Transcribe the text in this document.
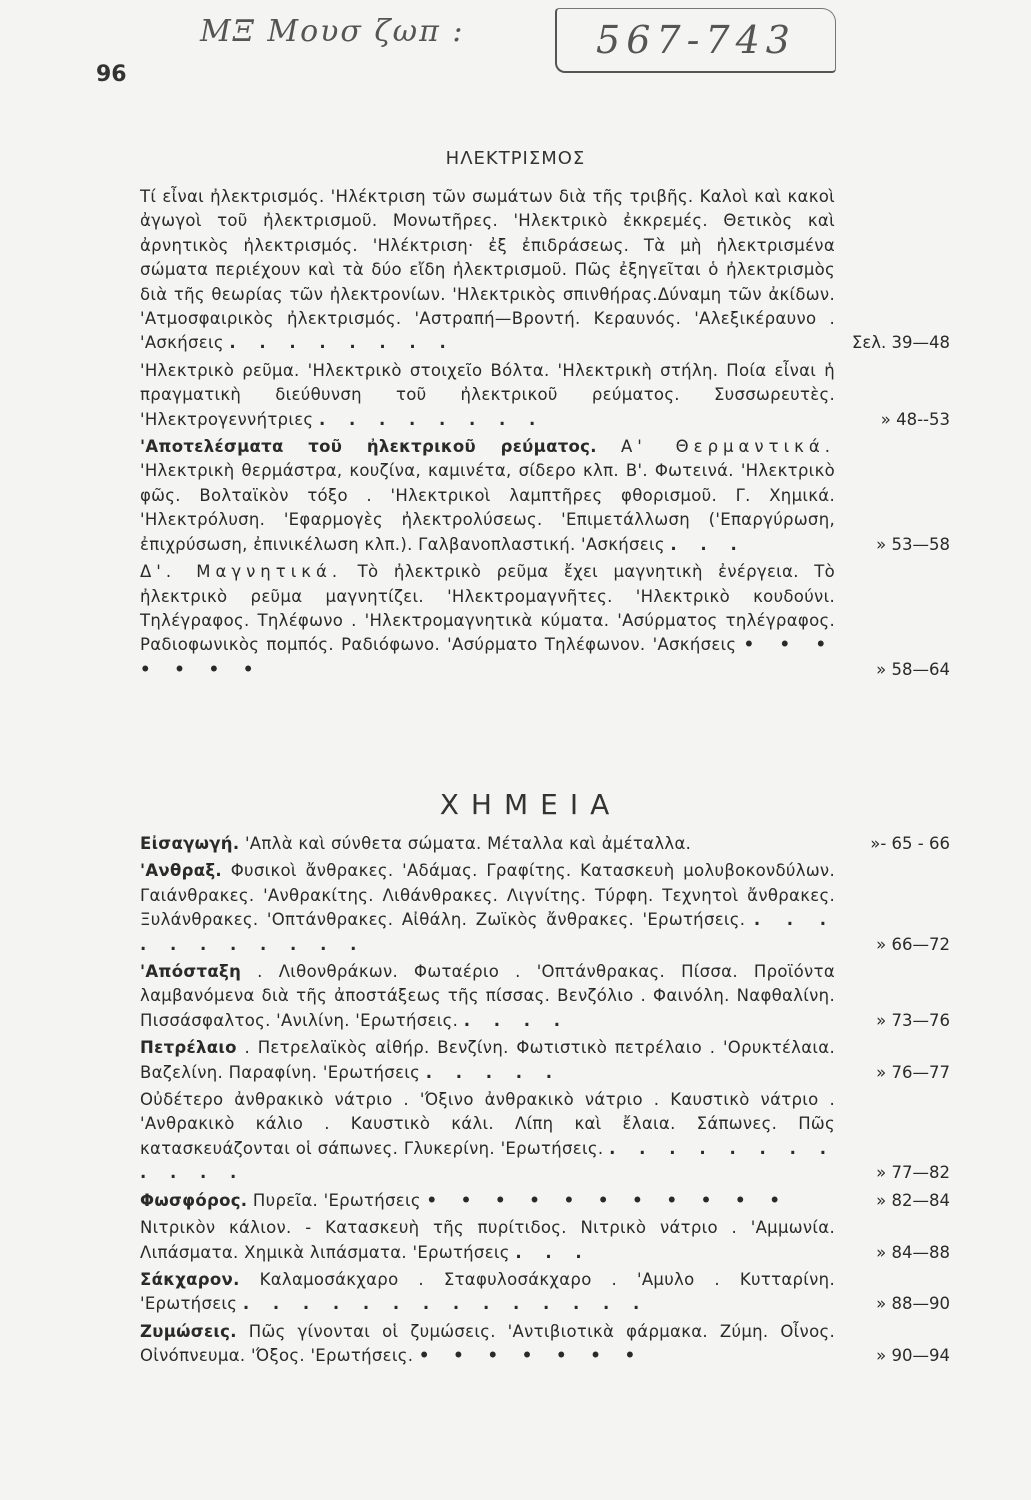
ΜΞ Μουσ ζωπ :	567-743
96
ΗΛΕΚΤΡΙΣΜΟΣ
Τί εἶναι ἠλεκτρισμός. 'Ηλέκτριση τῶν σωμάτων διὰ τῆς τριβῆς. Καλοὶ καὶ κακοὶ ἀγωγοὶ τοῦ ἠλεκτρισμοῦ. Μονωτῆρες. 'Ηλεκτρικὸ ἐκκρεμές. Θετικὸς καὶ ἀρνητικὸς ἠλεκτρισμός. 'Ηλέκτριση· ἐξ ἐπιδράσεως. Τὰ μὴ ἠλεκτρισμένα σώματα περιέχουν καὶ τὰ δύο εἴδη ἠλεκτρισμοῦ. Πῶς ἐξηγεῖται ὁ ἠλεκτρισμὸς διὰ τῆς θεωρίας τῶν ἠλεκτρονίων. 'Ηλεκτρικὸς σπινθήρας.Δύναμη τῶν ἀκίδων. 'Ατμοσφαιρικὸς ἠλεκτρισμός. 'Αστραπή—Βροντή. Κεραυνός. 'Αλεξικέραυνο . 'Ασκήσεις . . . . . . . .	Σελ. 39—48
'Ηλεκτρικὸ ρεῦμα. 'Ηλεκτρικὸ στοιχεῖο Βόλτα. 'Ηλεκτρικὴ στήλη. Ποία εἶναι ἡ πραγματικὴ διεύθυνση τοῦ ἠλεκτρικοῦ ρεύματος. Συσσωρευτὲς. 'Ηλεκτρογεννήτριες . . . . . . . .	» 48--53
'Αποτελέσματα τοῦ ἠλεκτρικοῦ ρεύματος. Α' Θερμαντικά. 'Ηλεκτρικὴ θερμάστρα, κουζίνα, καμινέτα, σίδερο κλπ. Β'. Φωτεινά. 'Ηλεκτρικὸ φῶς. Βολταϊκὸν τόξο . 'Ηλεκτρικοὶ λαμπτῆρες φθορισμοῦ. Γ. Χημικά. 'Ηλεκτρόλυση. 'Εφαρμογὲς ἠλεκτρολύσεως. 'Επιμετάλλωση ('Επαργύρωση, ἐπιχρύσωση, ἐπινικέλωση κλπ.). Γαλβανοπλαστική. 'Ασκήσεις . . .	» 53—58
Δ'. Μαγνητικά. Τὸ ἠλεκτρικὸ ρεῦμα ἔχει μαγνητικὴ ἐνέργεια. Τὸ ἠλεκτρικὸ ρεῦμα μαγνητίζει. 'Ηλεκτρομαγνῆτες. 'Ηλεκτρικὸ κουδούνι. Τηλέγραφος. Τηλέφωνο . 'Ηλεκτρομαγνητικὰ κύματα. 'Ασύρματος τηλέγραφος. Ραδιοφωνικὸς πομπός. Ραδιόφωνο. 'Ασύρματο Τηλέφωνον. 'Ασκήσεις • • • • • • •	» 58—64
ΧΗΜΕΙΑ
Εἰσαγωγή. 'Απλὰ καὶ σύνθετα σώματα. Μέταλλα καὶ ἀμέταλλα.	»- 65 - 66
'Ανθραξ. Φυσικοὶ ἄνθρακες. 'Αδάμας. Γραφίτης. Κατασκευὴ μολυβοκονδύλων. Γαιάνθρακες. 'Ανθρακίτης. Λιθάνθρακες. Λιγνίτης. Τύρφη. Τεχνητοὶ ἄνθρακες. Ξυλάνθρακες. 'Οπτάνθρακες. Αἰθάλη. Ζωϊκὸς ἄνθρακες. 'Ερωτήσεις. . . . . . . . . . . .	» 66—72
'Απόσταξη . Λιθονθράκων. Φωταέριο . 'Οπτάνθρακας. Πίσσα. Προϊόντα λαμβανόμενα διὰ τῆς ἀποστάξεως τῆς πίσσας. Βενζόλιο . Φαινόλη. Ναφθαλίνη. Πισσάσφαλτος. 'Ανιλίνη. 'Ερωτήσεις. . . . .	» 73—76
Πετρέλαιο . Πετρελαϊκὸς αἰθήρ. Βενζίνη. Φωτιστικὸ πετρέλαιο . 'Ορυκτέλαια. Βαζελίνη. Παραφίνη. 'Ερωτήσεις . . . . .	» 76—77
Οὐδέτερο ἀνθρακικὸ νάτριο . 'Όξινο ἀνθρακικὸ νάτριο . Καυστικὸ νάτριο . 'Ανθρακικὸ κάλιο . Καυστικὸ κάλι. Λίπη καὶ ἔλαια. Σάπωνες. Πῶς κατασκευάζονται οἱ σάπωνες. Γλυκερίνη. 'Ερωτήσεις. . . . . . . . . . . . .	» 77—82
Φωσφόρος. Πυρεῖα. 'Ερωτήσεις • • • • • • • • • • •	» 82—84
Νιτρικὸν κάλιον. - Κατασκευὴ τῆς πυρίτιδος. Νιτρικὸ νάτριο . 'Αμμωνία. Λιπάσματα. Χημικὰ λιπάσματα. 'Ερωτήσεις . . .	» 84—88
Σάκχαρον. Καλαμοσάκχαρο . Σταφυλοσάκχαρο . 'Αμυλο . Κυτταρίνη. 'Ερωτήσεις . . . . . . . . . . . . . .	» 88—90
Ζυμώσεις. Πῶς γίνονται οἱ ζυμώσεις. 'Αντιβιοτικὰ φάρμακα. Ζύμη. Οἶνος. Οἰνόπνευμα. 'Όξος. 'Ερωτήσεις. • • • • • • •	» 90—94
